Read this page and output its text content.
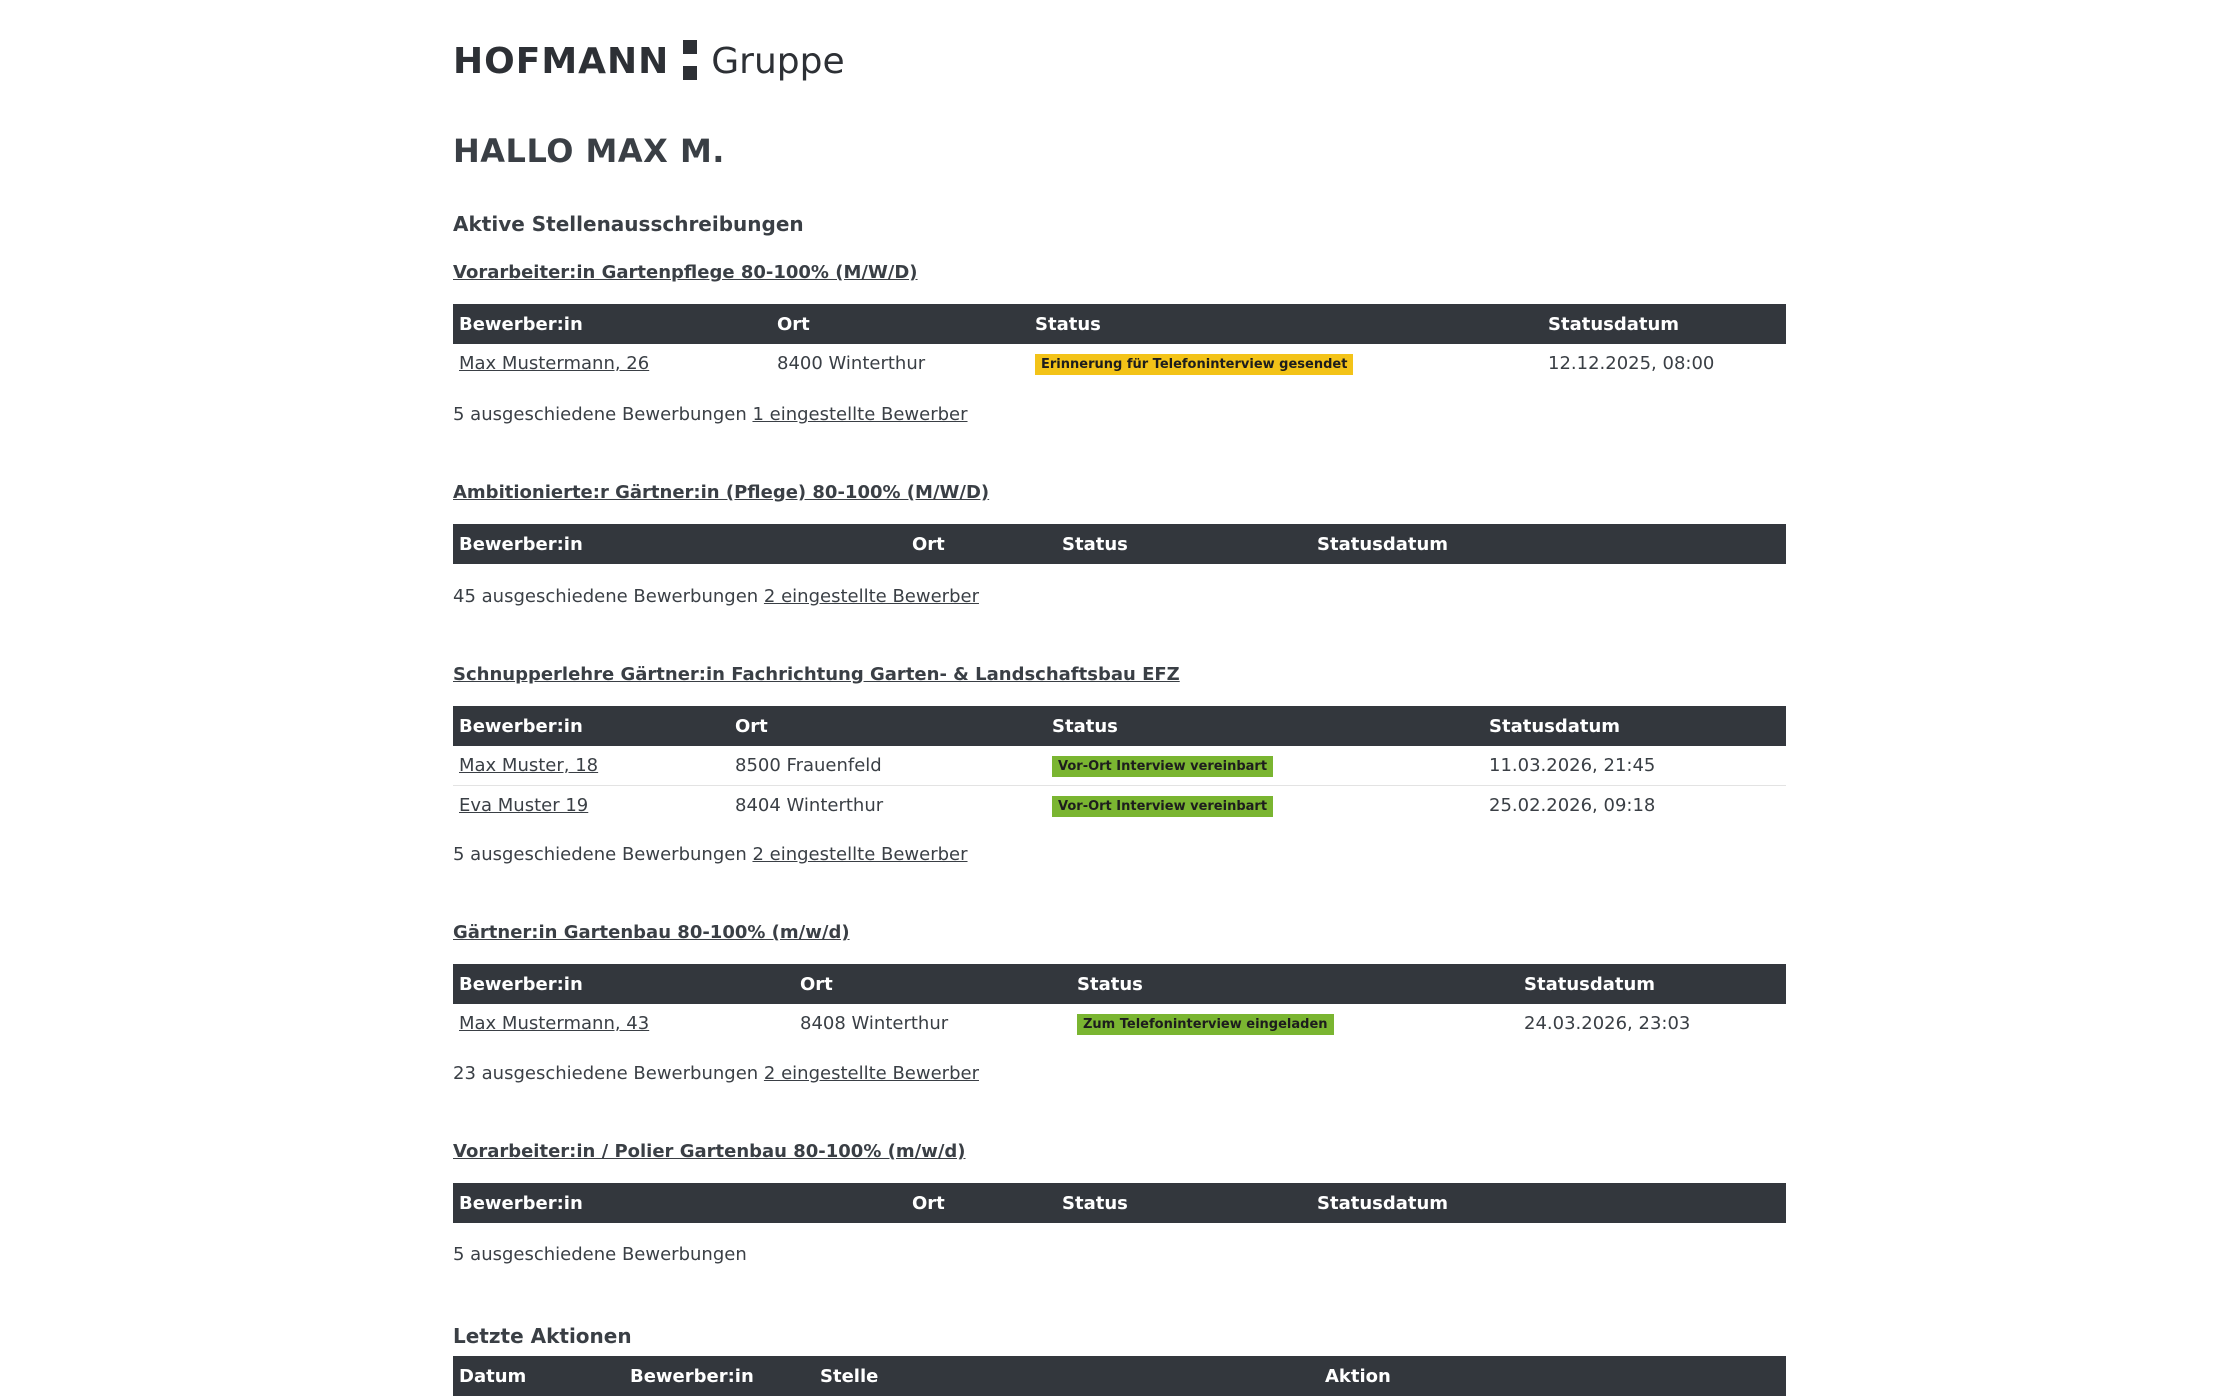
HOFMANN Gruppe
HALLO MAX M.
Aktive Stellenausschreibungen
Vorarbeiter:in Gartenpflege 80-100% (M/W/D)
Bewerber:in	Ort	Status	Statusdatum
Max Mustermann, 26	8400 Winterthur	Erinnerung für Telefoninterview gesendet	12.12.2025, 08:00
5 ausgeschiedene Bewerbungen 1 eingestellte Bewerber
Ambitionierte:r Gärtner:in (Pflege) 80-100% (M/W/D)
Bewerber:in	Ort	Status	Statusdatum
45 ausgeschiedene Bewerbungen 2 eingestellte Bewerber
Schnupperlehre Gärtner:in Fachrichtung Garten- & Landschaftsbau EFZ
Bewerber:in	Ort	Status	Statusdatum
Max Muster, 18	8500 Frauenfeld	Vor-Ort Interview vereinbart	11.03.2026, 21:45
Eva Muster 19	8404 Winterthur	Vor-Ort Interview vereinbart	25.02.2026, 09:18
5 ausgeschiedene Bewerbungen 2 eingestellte Bewerber
Gärtner:in Gartenbau 80-100% (m/w/d)
Bewerber:in	Ort	Status	Statusdatum
Max Mustermann, 43	8408 Winterthur	Zum Telefoninterview eingeladen	24.03.2026, 23:03
23 ausgeschiedene Bewerbungen 2 eingestellte Bewerber
Vorarbeiter:in / Polier Gartenbau 80-100% (m/w/d)
Bewerber:in	Ort	Status	Statusdatum
5 ausgeschiedene Bewerbungen
Letzte Aktionen
Datum	Bewerber:in	Stelle	Aktion
